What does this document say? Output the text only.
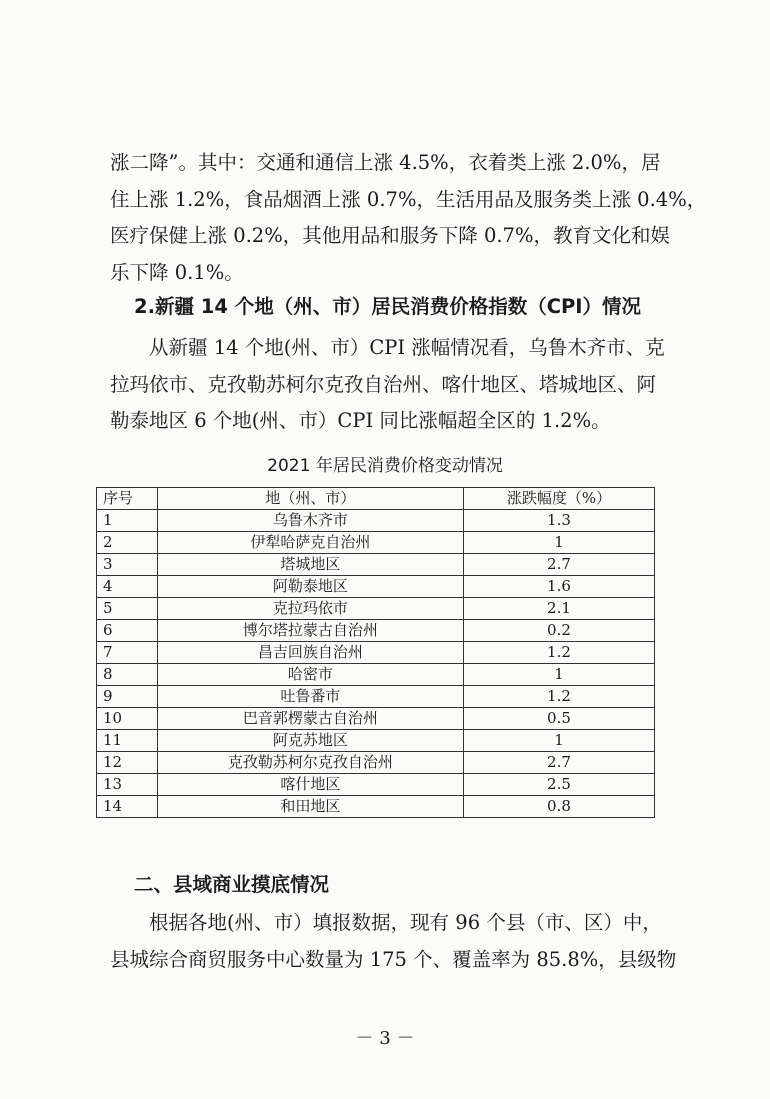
涨二降”。其中：交通和通信上涨 4.5%，衣着类上涨 2.0%，居
住上涨 1.2%，食品烟酒上涨 0.7%，生活用品及服务类上涨 0.4%，
医疗保健上涨 0.2%，其他用品和服务下降 0.7%，教育文化和娱
乐下降 0.1%。

2.新疆 14 个地（州、市）居民消费价格指数（CPI）情况

　　从新疆 14 个地(州、市）CPI 涨幅情况看，乌鲁木齐市、克
拉玛依市、克孜勒苏柯尔克孜自治州、喀什地区、塔城地区、阿
勒泰地区 6 个地(州、市）CPI 同比涨幅超全区的 1.2%。

2021 年居民消费价格变动情况

序号	地（州、市）	涨跌幅度（%）
1	乌鲁木齐市	1.3
2	伊犁哈萨克自治州	1
3	塔城地区	2.7
4	阿勒泰地区	1.6
5	克拉玛依市	2.1
6	博尔塔拉蒙古自治州	0.2
7	昌吉回族自治州	1.2
8	哈密市	1
9	吐鲁番市	1.2
10	巴音郭楞蒙古自治州	0.5
11	阿克苏地区	1
12	克孜勒苏柯尔克孜自治州	2.7
13	喀什地区	2.5
14	和田地区	0.8
二、县域商业摸底情况

　　根据各地(州、市）填报数据，现有 96 个县（市、区）中，
县城综合商贸服务中心数量为 175 个、覆盖率为 85.8%，县级物

－ 3 －
